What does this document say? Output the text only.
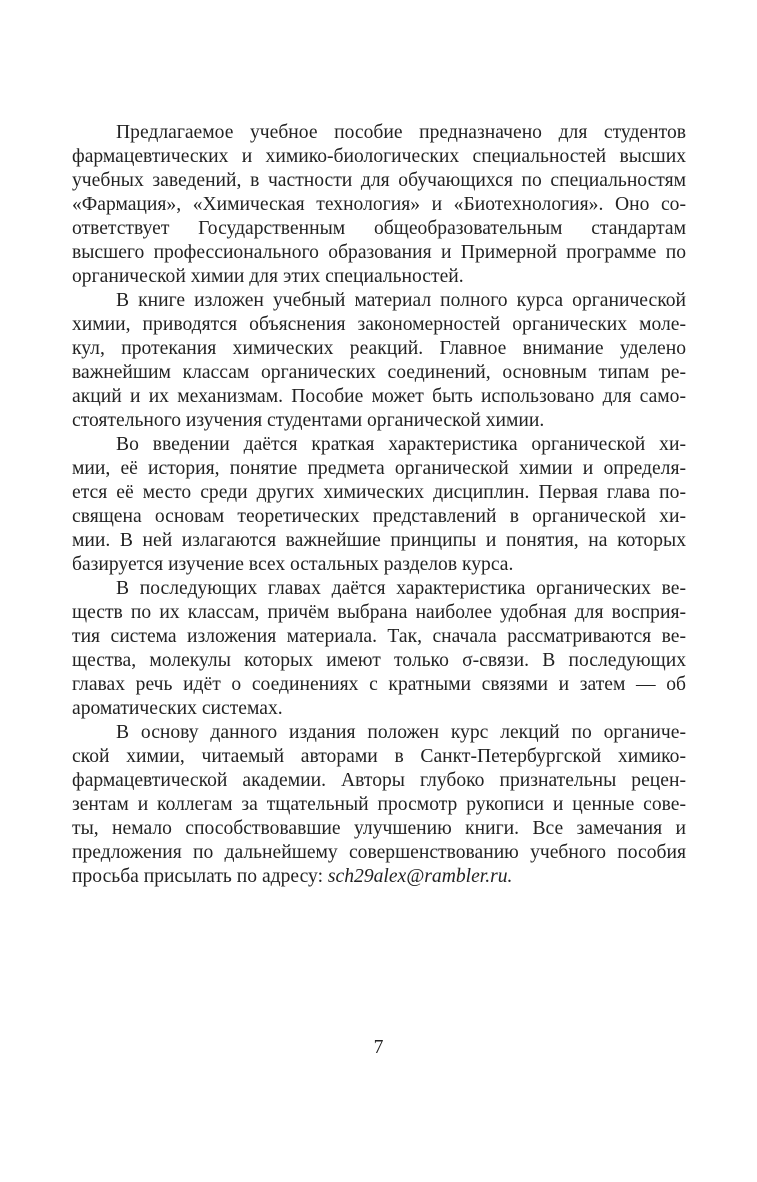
Предлагаемое учебное пособие предназначено для студентов
фармацевтических и химико-биологических специальностей высших
учебных заведений, в частности для обучающихся по специальностям
«Фармация», «Химическая технология» и «Биотехнология». Оно со-
ответствует Государственным общеобразовательным стандартам
высшего профессионального образования и Примерной программе по
органической химии для этих специальностей.
В книге изложен учебный материал полного курса органической
химии, приводятся объяснения закономерностей органических моле-
кул, протекания химических реакций. Главное внимание уделено
важнейшим классам органических соединений, основным типам ре-
акций и их механизмам. Пособие может быть использовано для само-
стоятельного изучения студентами органической химии.
Во введении даётся краткая характеристика органической хи-
мии, её история, понятие предмета органической химии и определя-
ется её место среди других химических дисциплин. Первая глава по-
священа основам теоретических представлений в органической хи-
мии. В ней излагаются важнейшие принципы и понятия, на которых
базируется изучение всех остальных разделов курса.
В последующих главах даётся характеристика органических ве-
ществ по их классам, причём выбрана наиболее удобная для восприя-
тия система изложения материала. Так, сначала рассматриваются ве-
щества, молекулы которых имеют только σ-связи. В последующих
главах речь идёт о соединениях с кратными связями и затем — об
ароматических системах.
В основу данного издания положен курс лекций по органиче-
ской химии, читаемый авторами в Санкт-Петербургской химико-
фармацевтической академии. Авторы глубоко признательны рецен-
зентам и коллегам за тщательный просмотр рукописи и ценные сове-
ты, немало способствовавшие улучшению книги. Все замечания и
предложения по дальнейшему совершенствованию учебного пособия
просьба присылать по адресу: sch29alex@rambler.ru.
7
